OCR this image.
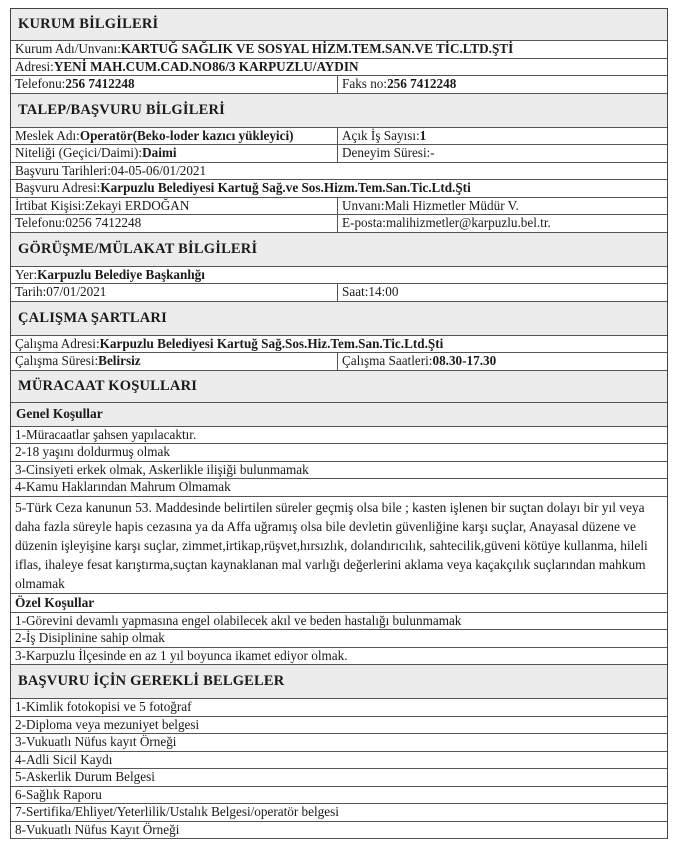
KURUM BİLGİLERİ
Kurum Adı/Unvanı:KARTUĞ SAĞLIK VE SOSYAL HİZM.TEM.SAN.VE TİC.LTD.ŞTİ
Adresi:YENİ MAH.CUM.CAD.NO86/3 KARPUZLU/AYDIN
Telefonu:256 7412248	Faks no:256 7412248
TALEP/BAŞVURU BİLGİLERİ
Meslek Adı:Operatör(Beko-loder kazıcı yükleyici)	Açık İş Sayısı:1
Niteliği (Geçici/Daimi):Daimi	Deneyim Süresi:-
Başvuru Tarihleri:04-05-06/01/2021
Başvuru Adresi:Karpuzlu Belediyesi Kartuğ Sağ.ve Sos.Hizm.Tem.San.Tic.Ltd.Şti
İrtibat Kişisi:Zekayi ERDOĞAN	Unvanı:Mali Hizmetler Müdür V.
Telefonu:0256 7412248	E-posta:malihizmetler@karpuzlu.bel.tr.
GÖRÜŞME/MÜLAKAT BİLGİLERİ
Yer:Karpuzlu Belediye Başkanlığı
Tarih:07/01/2021	Saat:14:00
ÇALIŞMA ŞARTLARI
Çalışma Adresi:Karpuzlu Belediyesi Kartuğ Sağ.Sos.Hiz.Tem.San.Tic.Ltd.Şti
Çalışma Süresi:Belirsiz	Çalışma Saatleri:08.30-17.30
MÜRACAAT KOŞULLARI
Genel Koşullar
1-Müracaatlar şahsen yapılacaktır.
2-18 yaşını doldurmuş olmak
3-Cinsiyeti erkek olmak, Askerlikle ilişiği bulunmamak
4-Kamu Haklarından Mahrum Olmamak
5-Türk Ceza kanunun 53. Maddesinde belirtilen süreler geçmiş olsa bile ; kasten işlenen bir suçtan dolayı bir yıl veya daha fazla süreyle hapis cezasına ya da Affa uğramış olsa bile devletin güvenliğine karşı suçlar, Anayasal düzene ve düzenin işleyişine karşı suçlar, zimmet,irtikap,rüşvet,hırsızlık, dolandırıcılık, sahtecilik,güveni kötüye kullanma, hileli iflas, ihaleye fesat karıştırma,suçtan kaynaklanan mal varlığı değerlerini aklama veya kaçakçılık suçlarından mahkum olmamak
Özel Koşullar
1-Görevini devamlı yapmasına engel olabilecek akıl ve beden hastalığı bulunmamak
2-İş Disiplinine sahip olmak
3-Karpuzlu İlçesinde en az 1 yıl boyunca ikamet ediyor olmak.
BAŞVURU İÇİN GEREKLİ BELGELER
1-Kimlik fotokopisi ve 5 fotoğraf
2-Diploma veya mezuniyet belgesi
3-Vukuatlı Nüfus kayıt Örneği
4-Adli Sicil Kaydı
5-Askerlik Durum Belgesi
6-Sağlık Raporu
7-Sertifika/Ehliyet/Yeterlilik/Ustalık Belgesi/operatör belgesi
8-Vukuatlı Nüfus Kayıt Örneği
